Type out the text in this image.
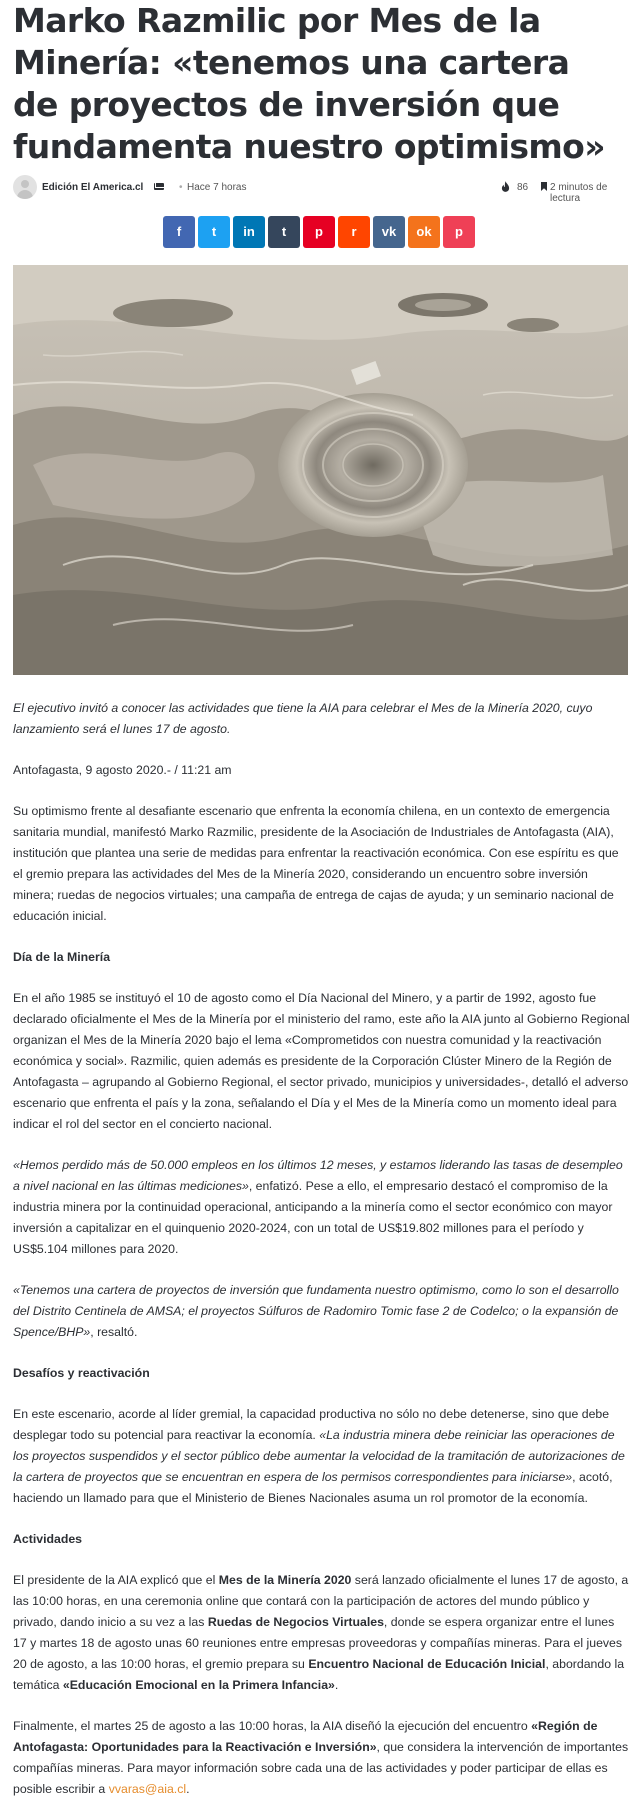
Marko Razmilic por Mes de la Minería: «tenemos una cartera de proyectos de inversión que fundamenta nuestro optimismo»
Edición El America.cl	• Hace 7 horas	86 2 minutos de lectura
f	t	in	t	p	r	vk	ok	p

El ejecutivo invitó a conocer las actividades que tiene la AIA para celebrar el Mes de la Minería 2020, cuyo lanzamiento será el lunes 17 de agosto.

Antofagasta, 9 agosto 2020.- / 11:21 am

Su optimismo frente al desafiante escenario que enfrenta la economía chilena, en un contexto de emergencia sanitaria mundial, manifestó Marko Razmilic, presidente de la Asociación de Industriales de Antofagasta (AIA), institución que plantea una serie de medidas para enfrentar la reactivación económica. Con ese espíritu es que el gremio prepara las actividades del Mes de la Minería 2020, considerando un encuentro sobre inversión minera; ruedas de negocios virtuales; una campaña de entrega de cajas de ayuda; y un seminario nacional de educación inicial.

Día de la Minería

En el año 1985 se instituyó el 10 de agosto como el Día Nacional del Minero, y a partir de 1992, agosto fue declarado oficialmente el Mes de la Minería por el ministerio del ramo, este año la AIA junto al Gobierno Regional organizan el Mes de la Minería 2020 bajo el lema «Comprometidos con nuestra comunidad y la reactivación económica y social». Razmilic, quien además es presidente de la Corporación Clúster Minero de la Región de Antofagasta – agrupando al Gobierno Regional, el sector privado, municipios y universidades-, detalló el adverso escenario que enfrenta el país y la zona, señalando el Día y el Mes de la Minería como un momento ideal para indicar el rol del sector en el concierto nacional.

«Hemos perdido más de 50.000 empleos en los últimos 12 meses, y estamos liderando las tasas de desempleo a nivel nacional en las últimas mediciones», enfatizó. Pese a ello, el empresario destacó el compromiso de la industria minera por la continuidad operacional, anticipando a la minería como el sector económico con mayor inversión a capitalizar en el quinquenio 2020-2024, con un total de US$19.802 millones para el período y US$5.104 millones para 2020.

«Tenemos una cartera de proyectos de inversión que fundamenta nuestro optimismo, como lo son el desarrollo del Distrito Centinela de AMSA; el proyectos Súlfuros de Radomiro Tomic fase 2 de Codelco; o la expansión de Spence/BHP», resaltó.

Desafíos y reactivación

En este escenario, acorde al líder gremial, la capacidad productiva no sólo no debe detenerse, sino que debe desplegar todo su potencial para reactivar la economía. «La industria minera debe reiniciar las operaciones de los proyectos suspendidos y el sector público debe aumentar la velocidad de la tramitación de autorizaciones de la cartera de proyectos que se encuentran en espera de los permisos correspondientes para iniciarse», acotó, haciendo un llamado para que el Ministerio de Bienes Nacionales asuma un rol promotor de la economía.

Actividades

El presidente de la AIA explicó que el Mes de la Minería 2020 será lanzado oficialmente el lunes 17 de agosto, a las 10:00 horas, en una ceremonia online que contará con la participación de actores del mundo público y privado, dando inicio a su vez a las Ruedas de Negocios Virtuales, donde se espera organizar entre el lunes 17 y martes 18 de agosto unas 60 reuniones entre empresas proveedoras y compañías mineras. Para el jueves 20 de agosto, a las 10:00 horas, el gremio prepara su Encuentro Nacional de Educación Inicial, abordando la temática «Educación Emocional en la Primera Infancia».

Finalmente, el martes 25 de agosto a las 10:00 horas, la AIA diseñó la ejecución del encuentro «Región de Antofagasta: Oportunidades para la Reactivación e Inversión», que considera la intervención de importantes compañías mineras. Para mayor información sobre cada una de las actividades y poder participar de ellas es posible escribir a vvaras@aia.cl.
